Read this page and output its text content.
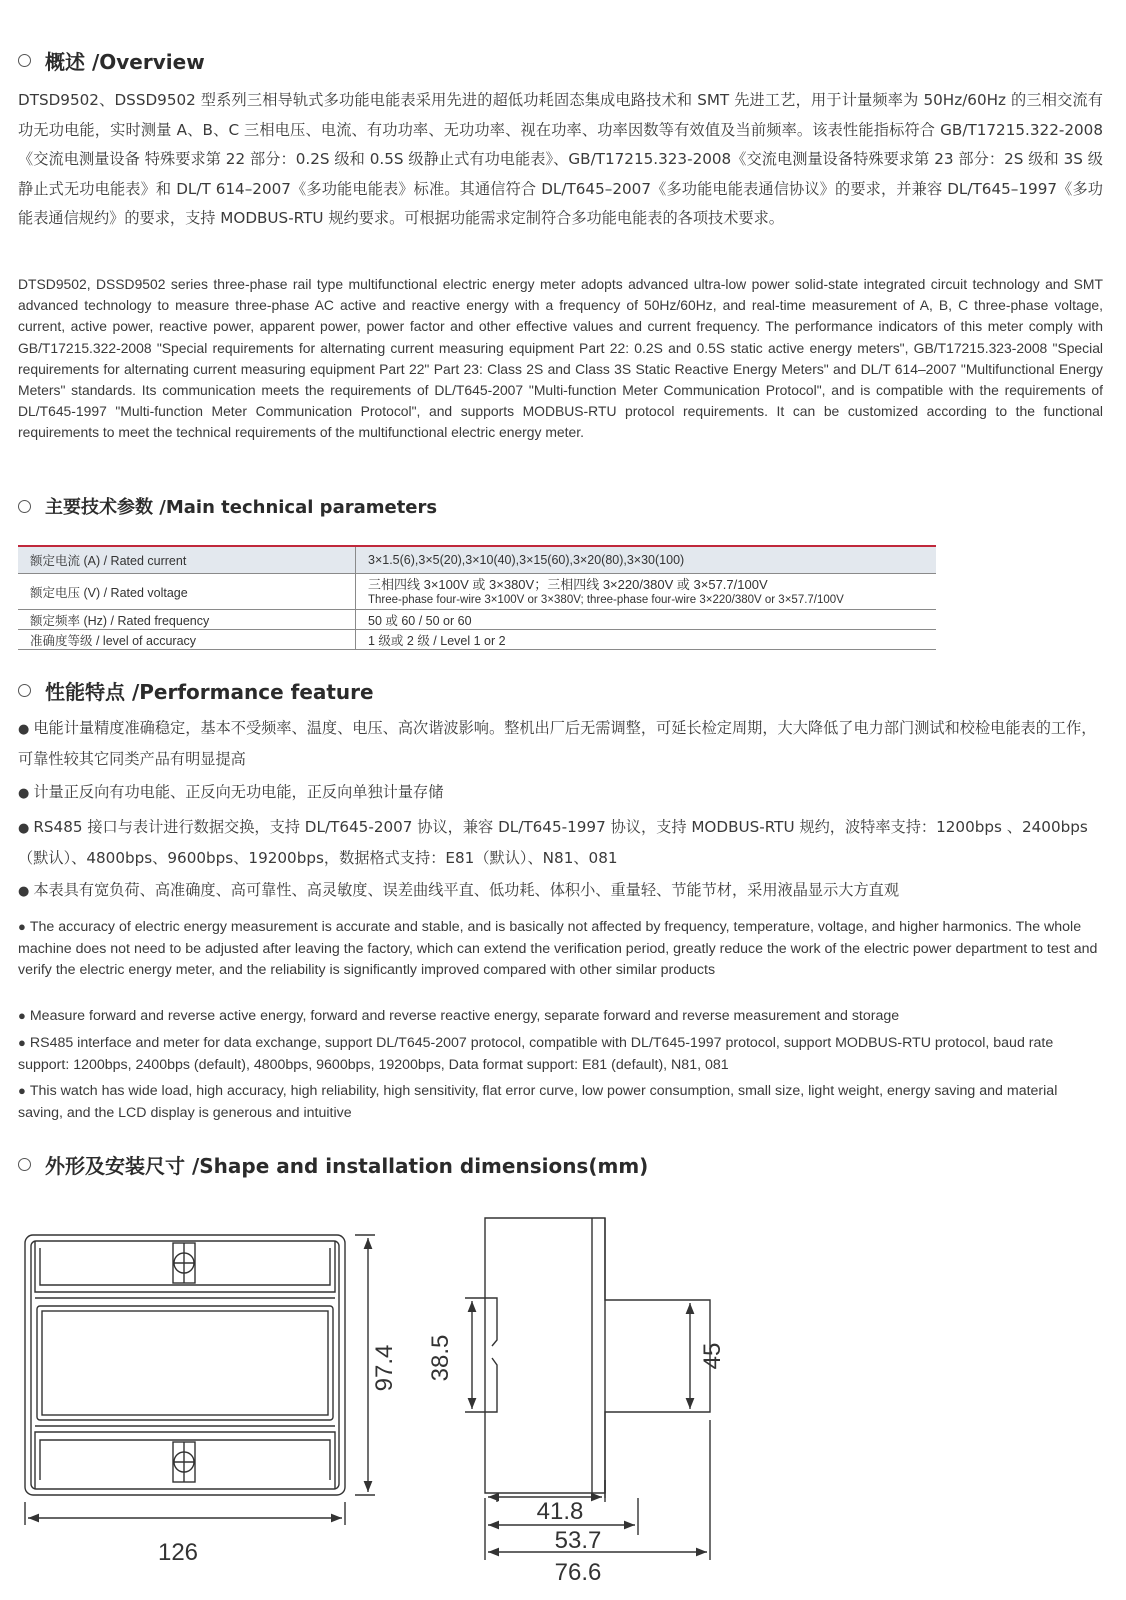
概述 /Overview

DTSD9502、DSSD9502 型系列三相导轨式多功能电能表采用先进的超低功耗固态集成电路技术和 SMT 先进工艺，用于计量频率为 50Hz/60Hz 的三相交流有功无功电能，实时测量 A、B、C 三相电压、电流、有功功率、无功功率、视在功率、功率因数等有效值及当前频率。该表性能指标符合 GB/T17215.322-2008《交流电测量设备 特殊要求第 22 部分：0.2S 级和 0.5S 级静止式有功电能表》、GB/T17215.323-2008《交流电测量设备特殊要求第 23 部分：2S 级和 3S 级静止式无功电能表》和 DL/T 614–2007《多功能电能表》标准。其通信符合 DL/T645–2007《多功能电能表通信协议》的要求，并兼容 DL/T645–1997《多功能表通信规约》的要求，支持 MODBUS-RTU 规约要求。可根据功能需求定制符合多功能电能表的各项技术要求。

DTSD9502, DSSD9502 series three-phase rail type multifunctional electric energy meter adopts advanced ultra-low power solid-state integrated circuit technology and SMT advanced technology to measure three-phase AC active and reactive energy with a frequency of 50Hz/60Hz, and real-time measurement of A, B, C three-phase voltage, current, active power, reactive power, apparent power, power factor and other effective values and current frequency. The performance indicators of this meter comply with GB/T17215.322-2008 "Special requirements for alternating current measuring equipment Part 22: 0.2S and 0.5S static active energy meters", GB/T17215.323-2008 "Special requirements for alternating current measuring equipment Part 22" Part 23: Class 2S and Class 3S Static Reactive Energy Meters" and DL/T 614–2007 "Multifunctional Energy Meters" standards. Its communication meets the requirements of DL/T645-2007 "Multi-function Meter Communication Protocol", and is compatible with the requirements of DL/T645-1997 "Multi-function Meter Communication Protocol", and supports MODBUS-RTU protocol requirements. It can be customized according to the functional requirements to meet the technical requirements of the multifunctional electric energy meter.

主要技术参数 /Main technical parameters
额定电流 (A) / Rated current	3×1.5(6),3×5(20),3×10(40),3×15(60),3×20(80),3×30(100)
额定电压 (V) / Rated voltage	三相四线 3×100V 或 3×380V；三相四线 3×220/380V 或 3×57.7/100V
Three-phase four-wire 3×100V or 3×380V; three-phase four-wire 3×220/380V or 3×57.7/100V

额定频率 (Hz) / Rated frequency	50 或 60 / 50 or 60
准确度等级 / level of accuracy	1 级或 2 级 / Level 1 or 2
性能特点 /Performance feature

● 电能计量精度准确稳定，基本不受频率、温度、电压、高次谐波影响。整机出厂后无需调整，可延长检定周期，大大降低了电力部门测试和校检电能表的工作，可靠性较其它同类产品有明显提高

● 计量正反向有功电能、正反向无功电能，正反向单独计量存储

● RS485 接口与表计进行数据交换，支持 DL/T645-2007 协议，兼容 DL/T645-1997 协议，支持 MODBUS-RTU 规约，波特率支持：1200bps 、2400bps（默认）、4800bps、9600bps、19200bps，数据格式支持：E81（默认）、N81、081

● 本表具有宽负荷、高准确度、高可靠性、高灵敏度、误差曲线平直、低功耗、体积小、重量轻、节能节材，采用液晶显示大方直观

● The accuracy of electric energy measurement is accurate and stable, and is basically not affected by frequency, temperature, voltage, and higher harmonics. The whole machine does not need to be adjusted after leaving the factory, which can extend the verification period, greatly reduce the work of the electric power department to test and verify the electric energy meter, and the reliability is significantly improved compared with other similar products

● Measure forward and reverse active energy, forward and reverse reactive energy, separate forward and reverse measurement and storage

● RS485 interface and meter for data exchange, support DL/T645-2007 protocol, compatible with DL/T645-1997 protocol, support MODBUS-RTU protocol, baud rate support: 1200bps, 2400bps (default), 4800bps, 9600bps, 19200bps, Data format support: E81 (default), N81, 081

● This watch has wide load, high accuracy, high reliability, high sensitivity, flat error curve, low power consumption, small size, light weight, energy saving and material saving, and the LCD display is generous and intuitive

外形及安装尺寸 /Shape and installation dimensions(mm)
126
97.4 38.5	45
41.8
53.7
76.6
